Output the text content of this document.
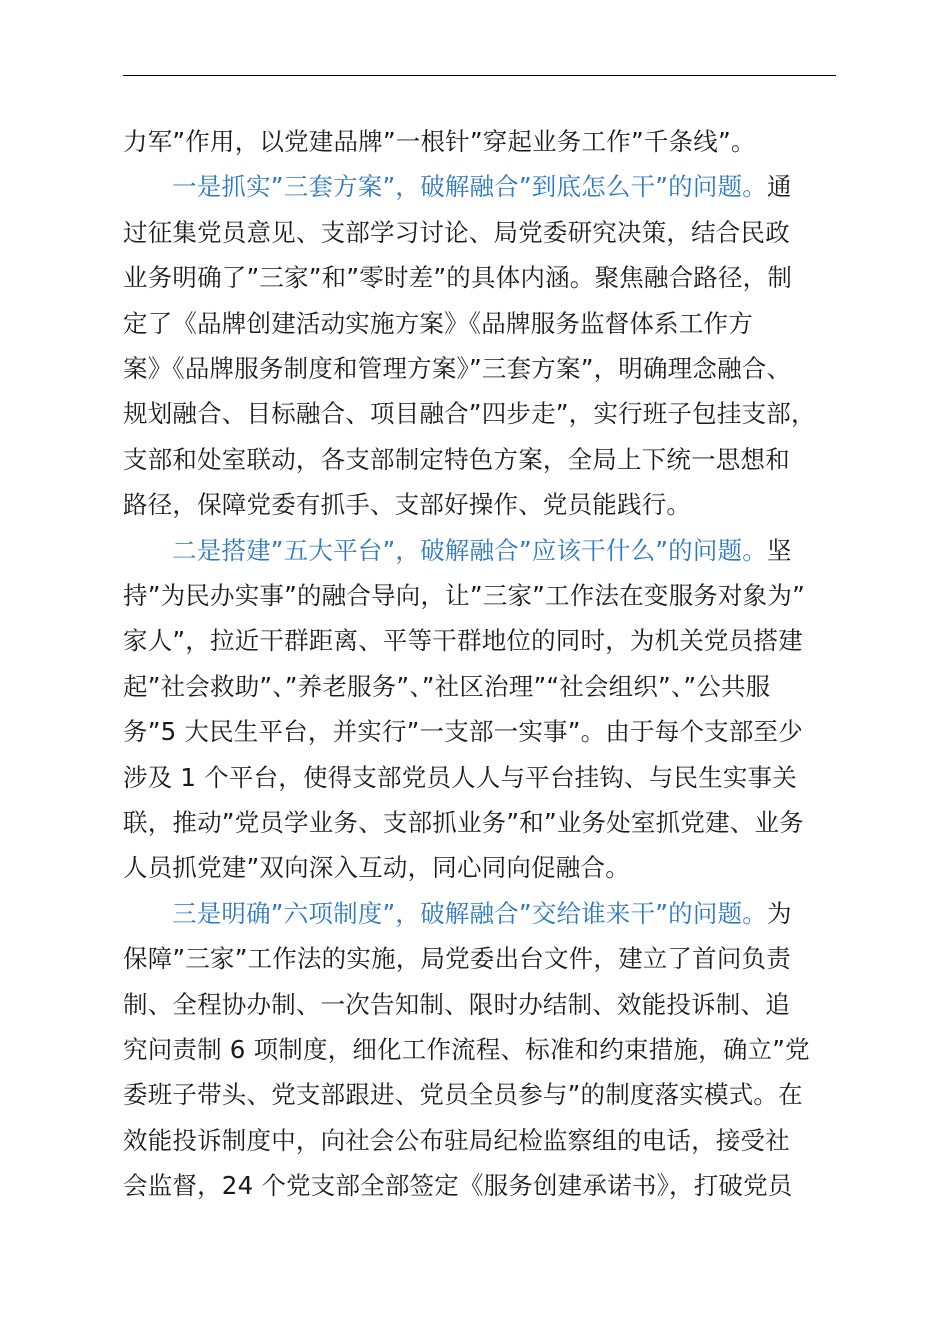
力军”作用，以党建品牌”一根针”穿起业务工作”千条线”。
一是抓实”三套方案”，破解融合”到底怎么干”的问题。通
过征集党员意见、支部学习讨论、局党委研究决策，结合民政
业务明确了”三家”和”零时差”的具体内涵。聚焦融合路径，制
定了《品牌创建活动实施方案》《品牌服务监督体系工作方
案》《品牌服务制度和管理方案》”三套方案”，明确理念融合、
规划融合、目标融合、项目融合”四步走”，实行班子包挂支部，
支部和处室联动，各支部制定特色方案，全局上下统一思想和
路径，保障党委有抓手、支部好操作、党员能践行。
二是搭建”五大平台”，破解融合”应该干什么”的问题。坚
持”为民办实事”的融合导向，让”三家”工作法在变服务对象为”
家人”，拉近干群距离、平等干群地位的同时，为机关党员搭建
起”社会救助”、”养老服务”、”社区治理”“社会组织”、”公共服
务”5 大民生平台，并实行”一支部一实事”。由于每个支部至少
涉及 1 个平台，使得支部党员人人与平台挂钩、与民生实事关
联，推动”党员学业务、支部抓业务”和”业务处室抓党建、业务
人员抓党建”双向深入互动，同心同向促融合。
三是明确”六项制度”，破解融合”交给谁来干”的问题。为
保障”三家”工作法的实施，局党委出台文件，建立了首问负责
制、全程协办制、一次告知制、限时办结制、效能投诉制、追
究问责制 6 项制度，细化工作流程、标准和约束措施，确立”党
委班子带头、党支部跟进、党员全员参与”的制度落实模式。在
效能投诉制度中，向社会公布驻局纪检监察组的电话，接受社
会监督，24 个党支部全部签定《服务创建承诺书》，打破党员
